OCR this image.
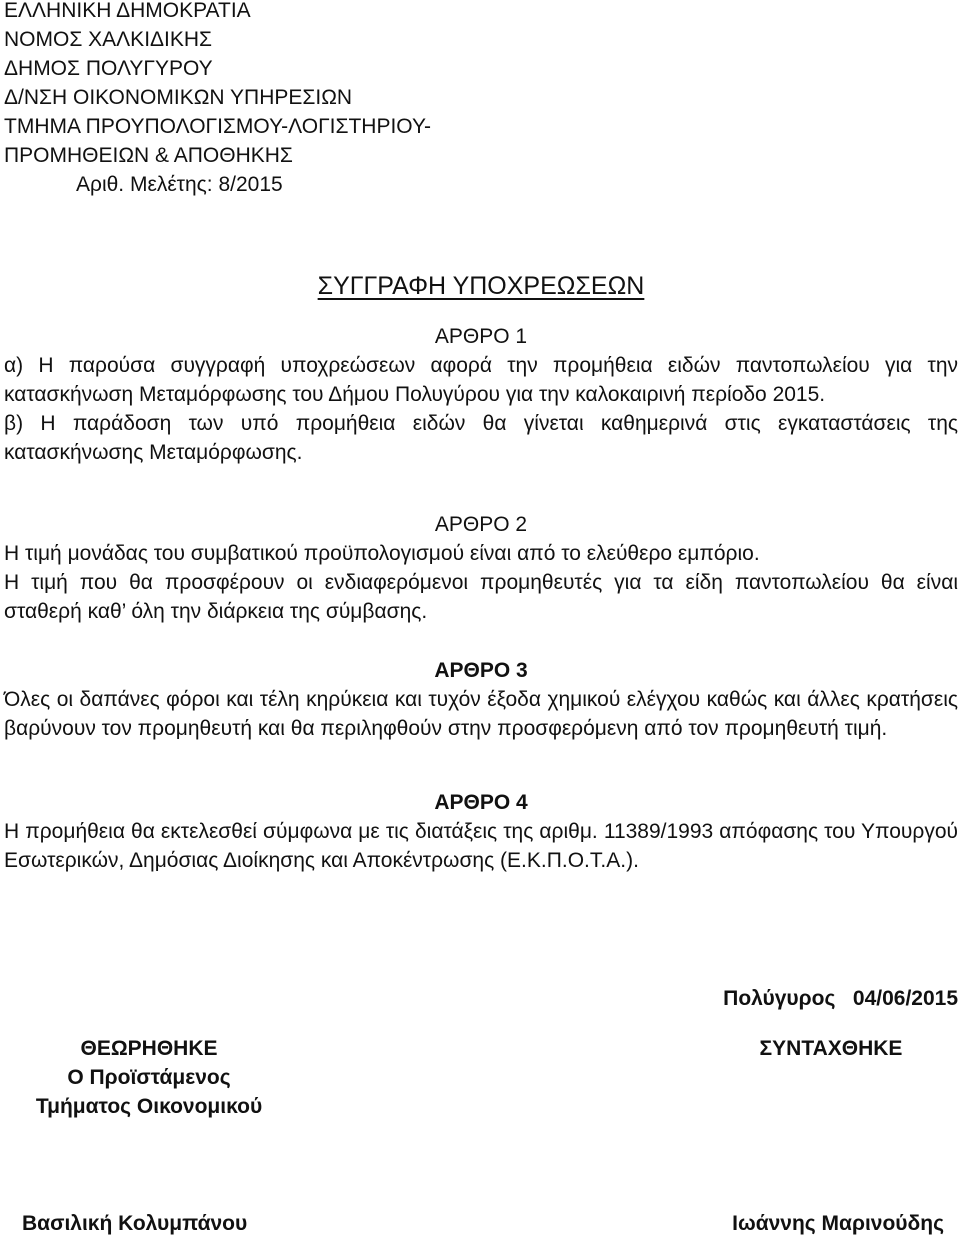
ΕΛΛΗΝΙΚΗ ΔΗΜΟΚΡΑΤΙΑ
ΝΟΜΟΣ ΧΑΛΚΙΔΙΚΗΣ
ΔΗΜΟΣ ΠΟΛΥΓΥΡΟΥ
Δ/ΝΣΗ ΟΙΚΟΝΟΜΙΚΩΝ ΥΠΗΡΕΣΙΩΝ
ΤΜΗΜΑ ΠΡΟΥΠΟΛΟΓΙΣΜΟΥ-ΛΟΓΙΣΤΗΡΙΟΥ-
ΠΡΟΜΗΘΕΙΩΝ & ΑΠΟΘΗΚΗΣ
Αριθ. Μελέτης: 8/2015
ΣΥΓΓΡΑΦΗ ΥΠΟΧΡΕΩΣΕΩΝ
ΑΡΘΡΟ 1

α) Η παρούσα συγγραφή υποχρεώσεων αφορά την προμήθεια ειδών παντοπωλείου για την κατασκήνωση Μεταμόρφωσης του Δήμου Πολυγύρου για την καλοκαιρινή περίοδο 2015.

β) Η παράδοση των υπό προμήθεια ειδών θα γίνεται καθημερινά στις εγκαταστάσεις της κατασκήνωσης Μεταμόρφωσης.

ΑΡΘΡΟ 2

Η τιμή μονάδας του συμβατικού προϋπολογισμού είναι από το ελεύθερο εμπόριο.

Η τιμή που θα προσφέρουν οι ενδιαφερόμενοι προμηθευτές για τα είδη παντοπωλείου θα είναι σταθερή καθ’ όλη την διάρκεια της σύμβασης.

ΑΡΘΡΟ 3

Όλες οι δαπάνες φόροι και τέλη κηρύκεια και τυχόν έξοδα χημικού ελέγχου καθώς και άλλες κρατήσεις βαρύνουν τον προμηθευτή και θα περιληφθούν στην προσφερόμενη από τον προμηθευτή τιμή.

ΑΡΘΡΟ 4

Η προμήθεια θα εκτελεσθεί σύμφωνα με τις διατάξεις της αριθμ. 11389/1993 απόφασης του Υπουργού Εσωτερικών, Δημόσιας Διοίκησης και Αποκέντρωσης (Ε.Κ.Π.Ο.Τ.Α.).

Πολύγυρος 04/06/2015
ΘΕΩΡΗΘΗΚΕ
Ο Προϊστάμενος
Τμήματος Οικονομικού
ΣΥΝΤΑΧΘΗΚΕ
Βασιλική Κολυμπάνου	Ιωάννης Μαρινούδης
